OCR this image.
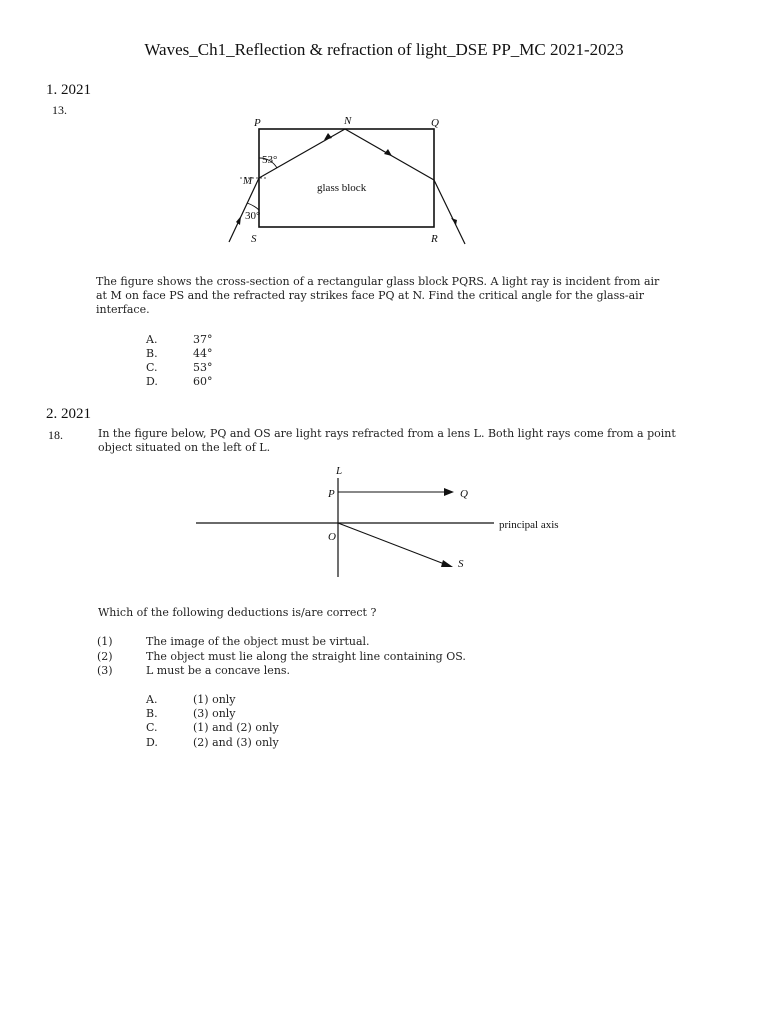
Waves_Ch1_Reflection & refraction of light_DSE PP_MC 2021-2023
1. 2021
13.
P	N	Q
M
S	R
53°
30°
glass block
L
P	Q
O
S
principal axis
The figure shows the cross-section of a rectangular glass block PQRS. A light ray is incident from air
at M on face PS and the refracted ray strikes face PQ at N. Find the critical angle for the glass-air
interface.
A.	37°
B.	44°
C.	53°
D.	60°
2. 2021
18.	In the figure below, PQ and OS are light rays refracted from a lens L. Both light rays come from a point
object situated on the left of L.
Which of the following deductions is/are correct ?
(1)	The image of the object must be virtual.
(2)	The object must lie along the straight line containing OS.
(3)	L must be a concave lens.
A.	(1) only
B.	(3) only
C.	(1) and (2) only
D.	(2) and (3) only
